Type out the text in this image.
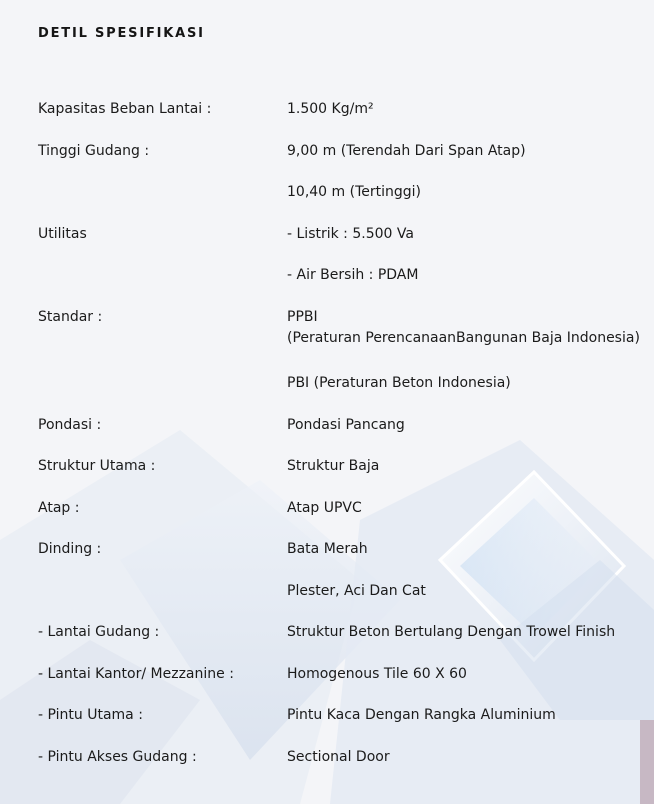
DETIL SPESIFIKASI
Kapasitas Beban Lantai :	1.500 Kg/m²
Tinggi Gudang :	9,00 m (Terendah Dari Span Atap)
10,40 m (Tertinggi)
Utilitas	- Listrik : 5.500 Va
- Air Bersih : PDAM
Standar :	PPBI
(Peraturan PerencanaanBangunan Baja Indonesia)
PBI (Peraturan Beton Indonesia)
Pondasi :	Pondasi Pancang
Struktur Utama :	Struktur Baja
Atap :	Atap UPVC
Dinding :	Bata Merah
Plester, Aci Dan Cat
- Lantai Gudang :	Struktur Beton Bertulang Dengan Trowel Finish
- Lantai Kantor/ Mezzanine :	Homogenous Tile 60 X 60
- Pintu Utama :	Pintu Kaca Dengan Rangka Aluminium
- Pintu Akses Gudang :	Sectional Door
